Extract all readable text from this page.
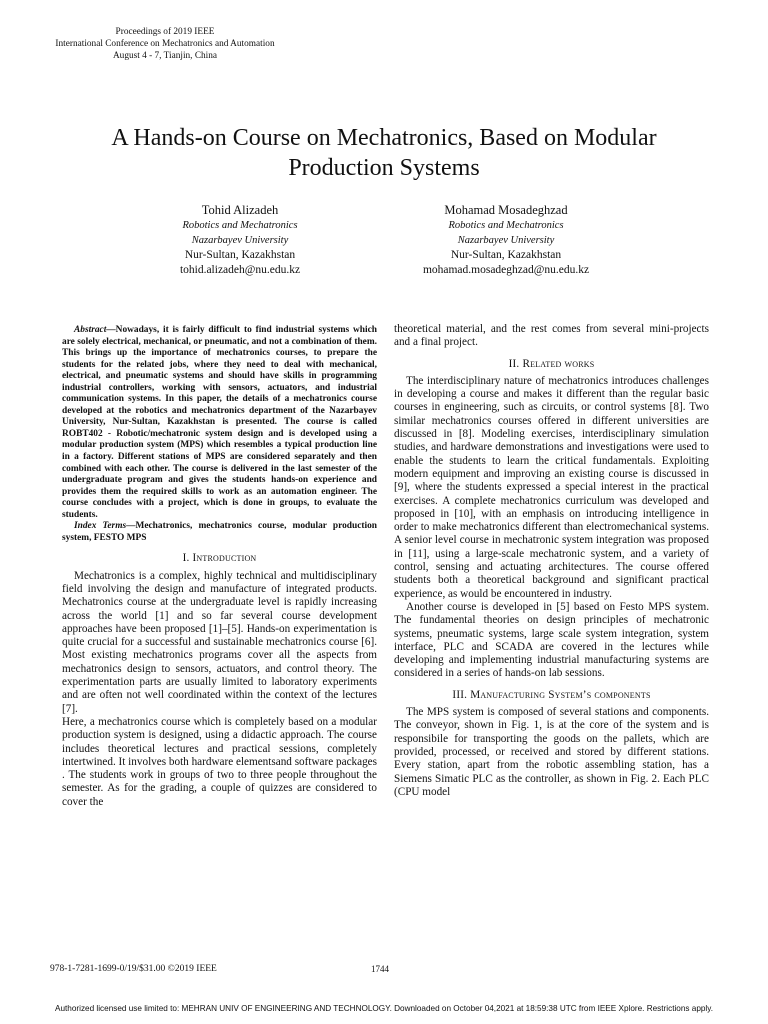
Proceedings of 2019 IEEE
International Conference on Mechatronics and Automation
August 4 - 7, Tianjin, China
A Hands-on Course on Mechatronics, Based on Modular
Production Systems
Tohid Alizadeh
Robotics and Mechatronics
Nazarbayev University
Nur-Sultan, Kazakhstan
tohid.alizadeh@nu.edu.kz
Mohamad Mosadeghzad
Robotics and Mechatronics
Nazarbayev University
Nur-Sultan, Kazakhstan
mohamad.mosadeghzad@nu.edu.kz

Abstract—Nowadays, it is fairly difficult to find industrial systems which are solely electrical, mechanical, or pneumatic, and not a combination of them. This brings up the importance of mechatronics courses, to prepare the students for the related jobs, where they need to deal with mechanical, electrical, and pneumatic systems and should have skills in programming industrial controllers, working with sensors, actuators, and industrial communication systems. In this paper, the details of a mechatronics course developed at the robotics and mechatronics department of the Nazarbayev University, Nur-Sultan, Kazakhstan is presented. The course is called ROBT402 - Robotic/mechatronic system design and is developed using a modular production system (MPS) which resembles a typical production line in a factory. Different stations of MPS are considered separately and then combined with each other. The course is delivered in the last semester of the undergraduate program and gives the students hands-on experience and provides them the required skills to work as an automation engineer. The course concludes with a project, which is done in groups, to evaluate the students.

Index Terms—Mechatronics, mechatronics course, modular production system, FESTO MPS

I. Introduction

Mechatronics is a complex, highly technical and multidisciplinary field involving the design and manufacture of integrated products. Mechatronics course at the undergraduate level is rapidly increasing across the world [1] and so far several course development approaches have been proposed [1]–[5]. Hands-on experimentation is quite crucial for a successful and sustainable mechatronics course [6]. Most existing mechatronics programs cover all the aspects from mechatronics design to sensors, actuators, and control theory. The experimentation parts are usually limited to laboratory experiments and are often not well coordinated within the context of the lectures [7].

Here, a mechatronics course which is completely based on a modular production system is designed, using a didactic approach. The course includes theoretical lectures and practical sessions, completely intertwined. It involves both hardware elementsand software packages . The students work in groups of two to three people throughout the semester. As for the grading, a couple of quizzes are considered to cover the

theoretical material, and the rest comes from several mini-projects and a final project.

II. Related works

The interdisciplinary nature of mechatronics introduces challenges in developing a course and makes it different than the regular basic courses in engineering, such as circuits, or control systems [8]. Two similar mechatronics courses offered in different universities are discussed in [8]. Modeling exercises, interdisciplinary simulation studies, and hardware demonstrations and investigations were used to enable the students to learn the critical fundamentals. Exploiting modern equipment and improving an existing course is discussed in [9], where the students expressed a special interest in the practical exercises. A complete mechatronics curriculum was developed and proposed in [10], with an emphasis on introducing intelligence in order to make mechatronics different than electromechanical systems. A senior level course in mechatronic system integration was proposed in [11], using a large-scale mechatronic system, and a variety of control, sensing and actuating architectures. The course offered students both a theoretical background and significant practical experience, as would be encountered in industry.

Another course is developed in [5] based on Festo MPS system. The fundamental theories on design principles of mechatronic systems, pneumatic systems, large scale system integration, system interface, PLC and SCADA are covered in the lectures while developing and implementing industrial manufacturing systems are considered in a series of hands-on lab sessions.

III. Manufacturing System’s components

The MPS system is composed of several stations and components. The conveyor, shown in Fig. 1, is at the core of the system and is responsibile for transporting the goods on the pallets, which are provided, processed, or received and stored by different stations. Every station, apart from the robotic assembling station, has a Siemens Simatic PLC as the controller, as shown in Fig. 2. Each PLC (CPU model

978-1-7281-1699-0/19/$31.00 ©2019 IEEE	1744
Authorized licensed use limited to: MEHRAN UNIV OF ENGINEERING AND TECHNOLOGY. Downloaded on October 04,2021 at 18:59:38 UTC from IEEE Xplore. Restrictions apply.
